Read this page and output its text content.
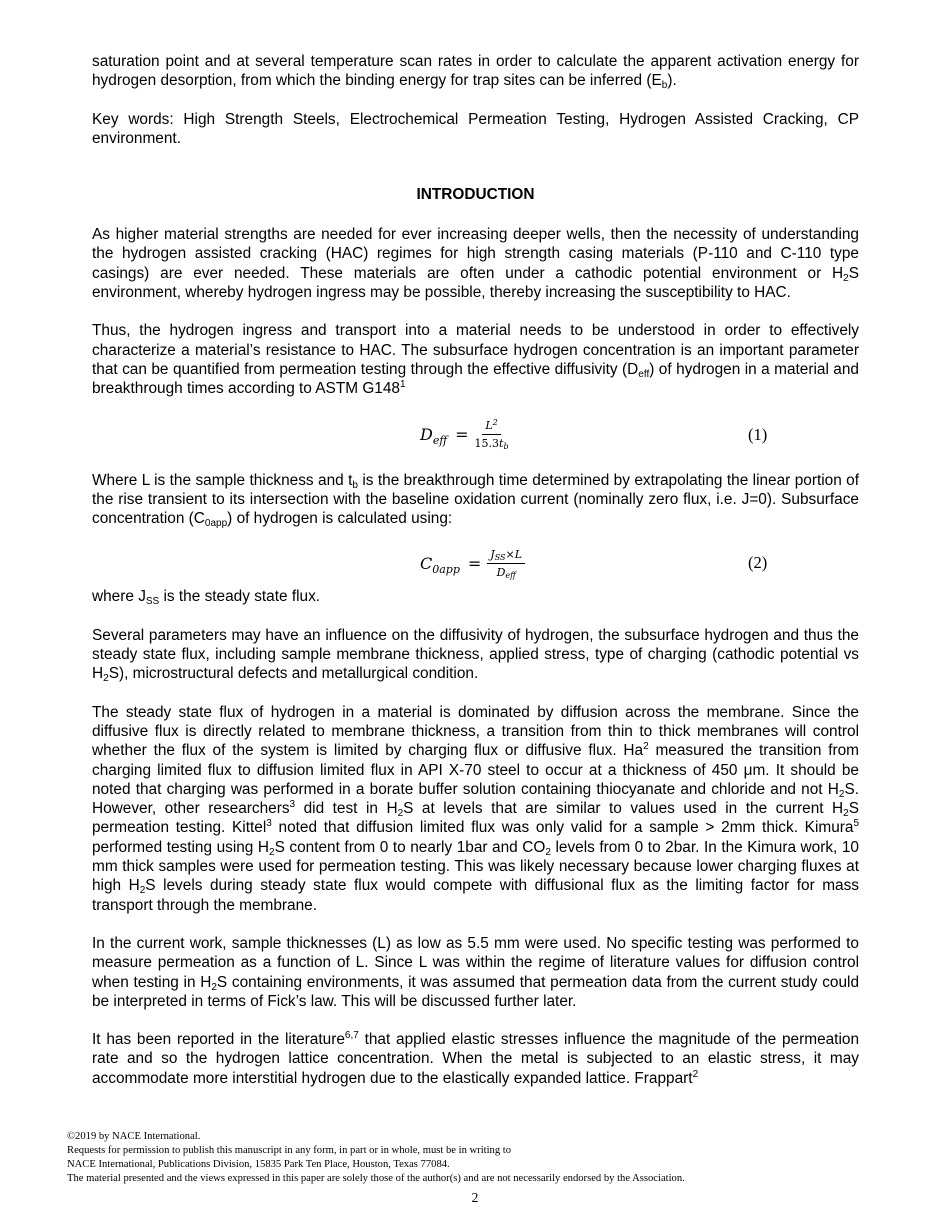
saturation point and at several temperature scan rates in order to calculate the apparent activation energy for hydrogen desorption, from which the binding energy for trap sites can be inferred $(E_b)$.

Key words: High Strength Steels, Electrochemical Permeation Testing, Hydrogen Assisted Cracking, CP environment.

INTRODUCTION

As higher material strengths are needed for ever increasing deeper wells, then the necessity of understanding the hydrogen assisted cracking (HAC) regimes for high strength casing materials (P-110 and C-110 type casings) are ever needed. These materials are often under a cathodic potential environment or $H_2S$ environment, whereby hydrogen ingress may be possible, thereby increasing the susceptibility to HAC.

Thus, the hydrogen ingress and transport into a material needs to be understood in order to effectively characterize a material’s resistance to HAC. The subsurface hydrogen concentration is an important parameter that can be quantified from permeation testing through the effective diffusivity $(D_{eff})$ of hydrogen in a material and breakthrough times according to ASTM $G148^1$

$D_{eff} = \frac{L^2}{15.3t_b}$	(1)

Where L is the sample thickness and $t_b$ is the breakthrough time determined by extrapolating the linear portion of the rise transient to its intersection with the baseline oxidation current (nominally zero flux, i.e. J=0). Subsurface concentration $(C_{0app})$ of hydrogen is calculated using:

$C_{0app} = \frac{J_{SS}\times L}{D_{eff}}$	(2)

where $J_{SS}$ is the steady state flux.

Several parameters may have an influence on the diffusivity of hydrogen, the subsurface hydrogen and thus the steady state flux, including sample membrane thickness, applied stress, type of charging (cathodic potential vs $H_2S$), microstructural defects and metallurgical condition.

The steady state flux of hydrogen in a material is dominated by diffusion across the membrane. Since the diffusive flux is directly related to membrane thickness, a transition from thin to thick membranes will control whether the flux of the system is limited by charging flux or diffusive flux. Ha$^2$ measured the transition from charging limited flux to diffusion limited flux in API X-70 steel to occur at a thickness of 450 μm. It should be noted that charging was performed in a borate buffer solution containing thiocyanate and chloride and not $H_2S$. However, other researchers$^3$ did test in $H_2S$ at levels that are similar to values used in the current $H_2S$ permeation testing. Kittel$^3$ noted that diffusion limited flux was only valid for a sample > 2mm thick. Kimura$^5$ performed testing using $H_2S$ content from 0 to nearly 1bar and $CO_2$ levels from 0 to 2bar. In the Kimura work, 10 mm thick samples were used for permeation testing. This was likely necessary because lower charging fluxes at high $H_2S$ levels during steady state flux would compete with diffusional flux as the limiting factor for mass transport through the membrane.

In the current work, sample thicknesses (L) as low as 5.5 mm were used. No specific testing was performed to measure permeation as a function of L. Since L was within the regime of literature values for diffusion control when testing in $H_2S$ containing environments, it was assumed that permeation data from the current study could be interpreted in terms of Fick’s law. This will be discussed further later.

It has been reported in the literature$^{6,7}$ that applied elastic stresses influence the magnitude of the permeation rate and so the hydrogen lattice concentration. When the metal is subjected to an elastic stress, it may accommodate more interstitial hydrogen due to the elastically expanded lattice. Frappart$^2$

©2019 by NACE International.
Requests for permission to publish this manuscript in any form, in part or in whole, must be in writing to
NACE International, Publications Division, 15835 Park Ten Place, Houston, Texas 77084.
The material presented and the views expressed in this paper are solely those of the author(s) and are not necessarily endorsed by the Association.
2
